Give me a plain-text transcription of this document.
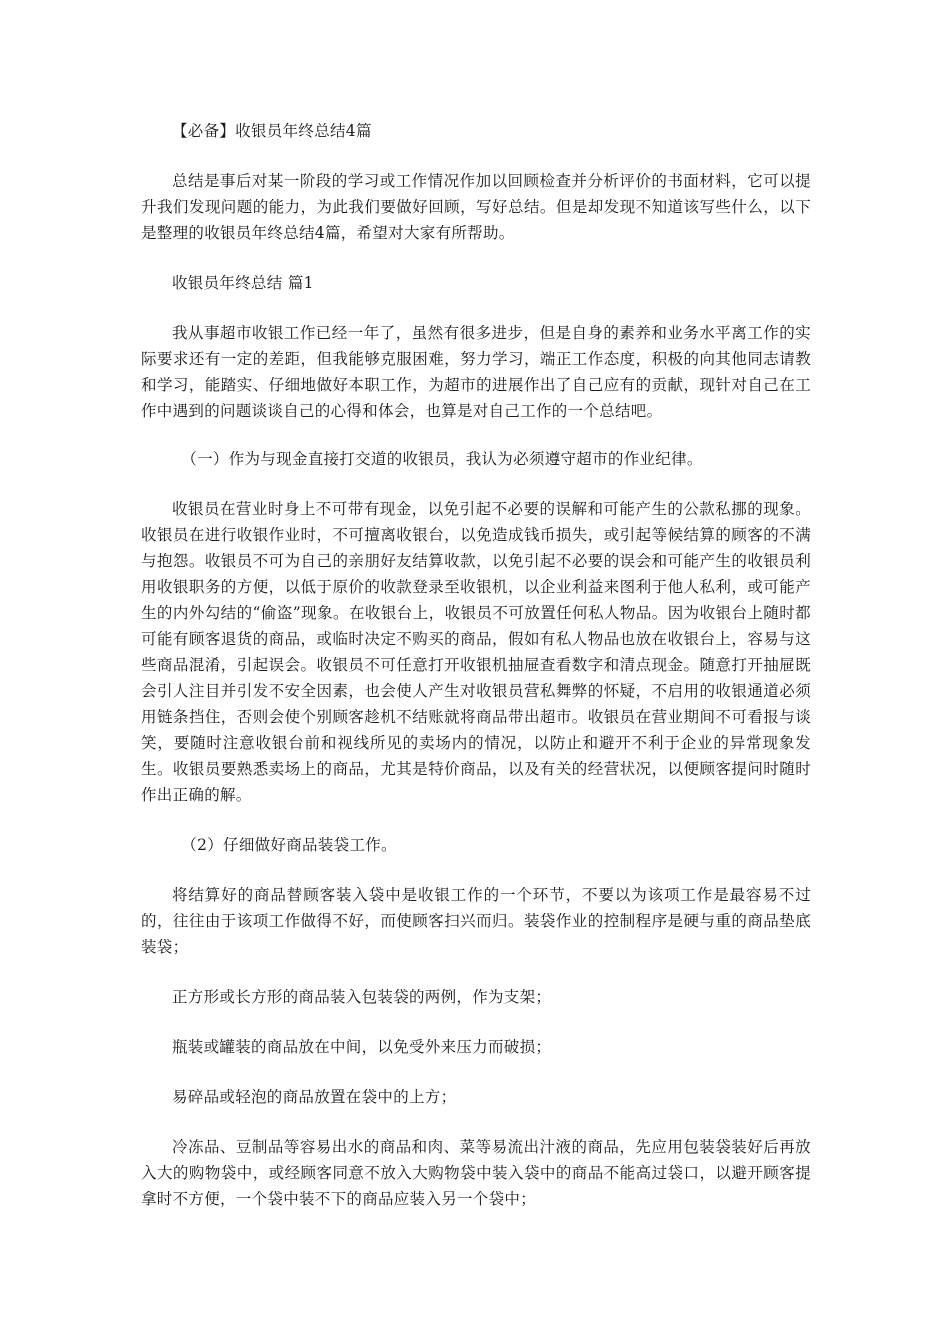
【必备】收银员年终总结4篇

总结是事后对某一阶段的学习或工作情况作加以回顾检查并分析评价的书面材料，它可以提升我们发现问题的能力，为此我们要做好回顾，写好总结。但是却发现不知道该写些什么，以下是整理的收银员年终总结4篇，希望对大家有所帮助。

收银员年终总结 篇1

我从事超市收银工作已经一年了，虽然有很多进步，但是自身的素养和业务水平离工作的实际要求还有一定的差距，但我能够克服困难，努力学习，端正工作态度，积极的向其他同志请教和学习，能踏实、仔细地做好本职工作，为超市的进展作出了自己应有的贡献，现针对自己在工作中遇到的问题谈谈自己的心得和体会，也算是对自己工作的一个总结吧。

（一）作为与现金直接打交道的收银员，我认为必须遵守超市的作业纪律。

收银员在营业时身上不可带有现金，以免引起不必要的误解和可能产生的公款私挪的现象。收银员在进行收银作业时，不可擅离收银台，以免造成钱币损失，或引起等候结算的顾客的不满与抱怨。收银员不可为自己的亲朋好友结算收款，以免引起不必要的误会和可能产生的收银员利用收银职务的方便，以低于原价的收款登录至收银机，以企业利益来图利于他人私利，或可能产生的内外勾结的“偷盗”现象。在收银台上，收银员不可放置任何私人物品。因为收银台上随时都可能有顾客退货的商品，或临时决定不购买的商品，假如有私人物品也放在收银台上，容易与这些商品混淆，引起误会。收银员不可任意打开收银机抽屉查看数字和清点现金。随意打开抽屉既会引人注目并引发不安全因素，也会使人产生对收银员营私舞弊的怀疑，不启用的收银通道必须用链条挡住，否则会使个别顾客趁机不结账就将商品带出超市。收银员在营业期间不可看报与谈笑，要随时注意收银台前和视线所见的卖场内的情况，以防止和避开不利于企业的异常现象发生。收银员要熟悉卖场上的商品，尤其是特价商品，以及有关的经营状况，以便顾客提问时随时作出正确的解。

（2）仔细做好商品装袋工作。

将结算好的商品替顾客装入袋中是收银工作的一个环节，不要以为该项工作是最容易不过的，往往由于该项工作做得不好，而使顾客扫兴而归。装袋作业的控制程序是硬与重的商品垫底装袋；

正方形或长方形的商品装入包装袋的两例，作为支架；

瓶装或罐装的商品放在中间，以免受外来压力而破损；

易碎品或轻泡的商品放置在袋中的上方；

冷冻品、豆制品等容易出水的商品和肉、菜等易流出汁液的商品，先应用包装袋装好后再放入大的购物袋中，或经顾客同意不放入大购物袋中装入袋中的商品不能高过袋口，以避开顾客提拿时不方便，一个袋中装不下的商品应装入另一个袋中；
